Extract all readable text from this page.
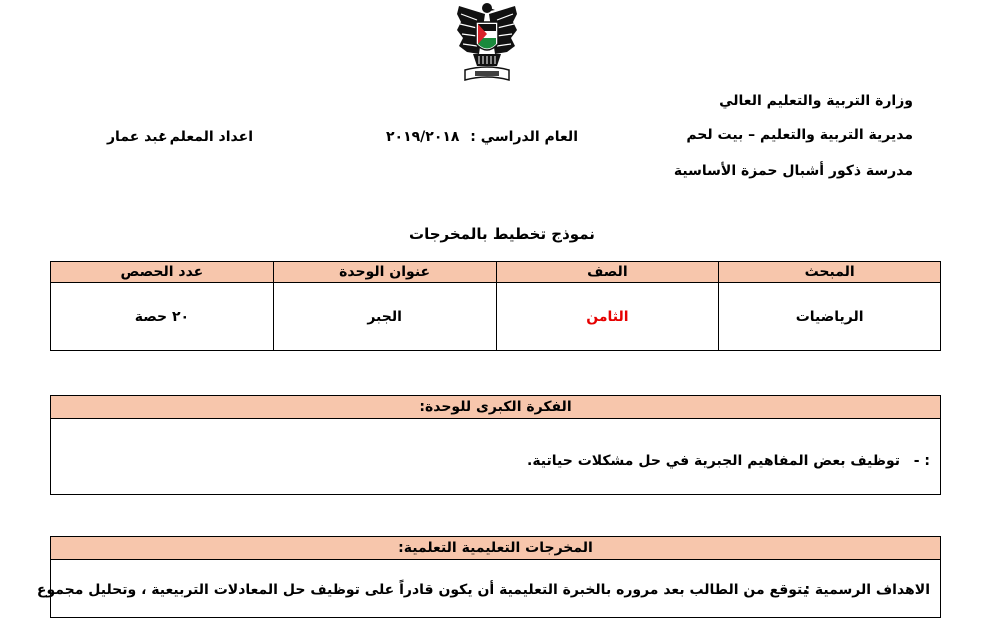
وزارة التربية والتعليم العالي
مديرية التربية والتعليم – بيت لحم
مدرسة ذكور أشبال حمزة الأساسية
العام الدراسي :
٢٠١٩/٢٠١٨
اعداد المعلم :
عبد عمار
نموذج تخطيط بالمخرجات
المبحث	الصف	عنوان الوحدة	عدد الحصص
الرياضيات	الثامن	الجبر	٢٠ حصة
الفكرة الكبرى للوحدة:
- :
توظيف بعض المفاهيم الجبرية في حل مشكلات حياتية.
المخرجات التعليمية التعلمية:
الاهداف الرسمية :
يتوقع من الطالب بعد مروره بالخبرة التعليمية أن يكون قادراً على توظيف حل المعادلات التربيعية ، وتحليل مجموع
